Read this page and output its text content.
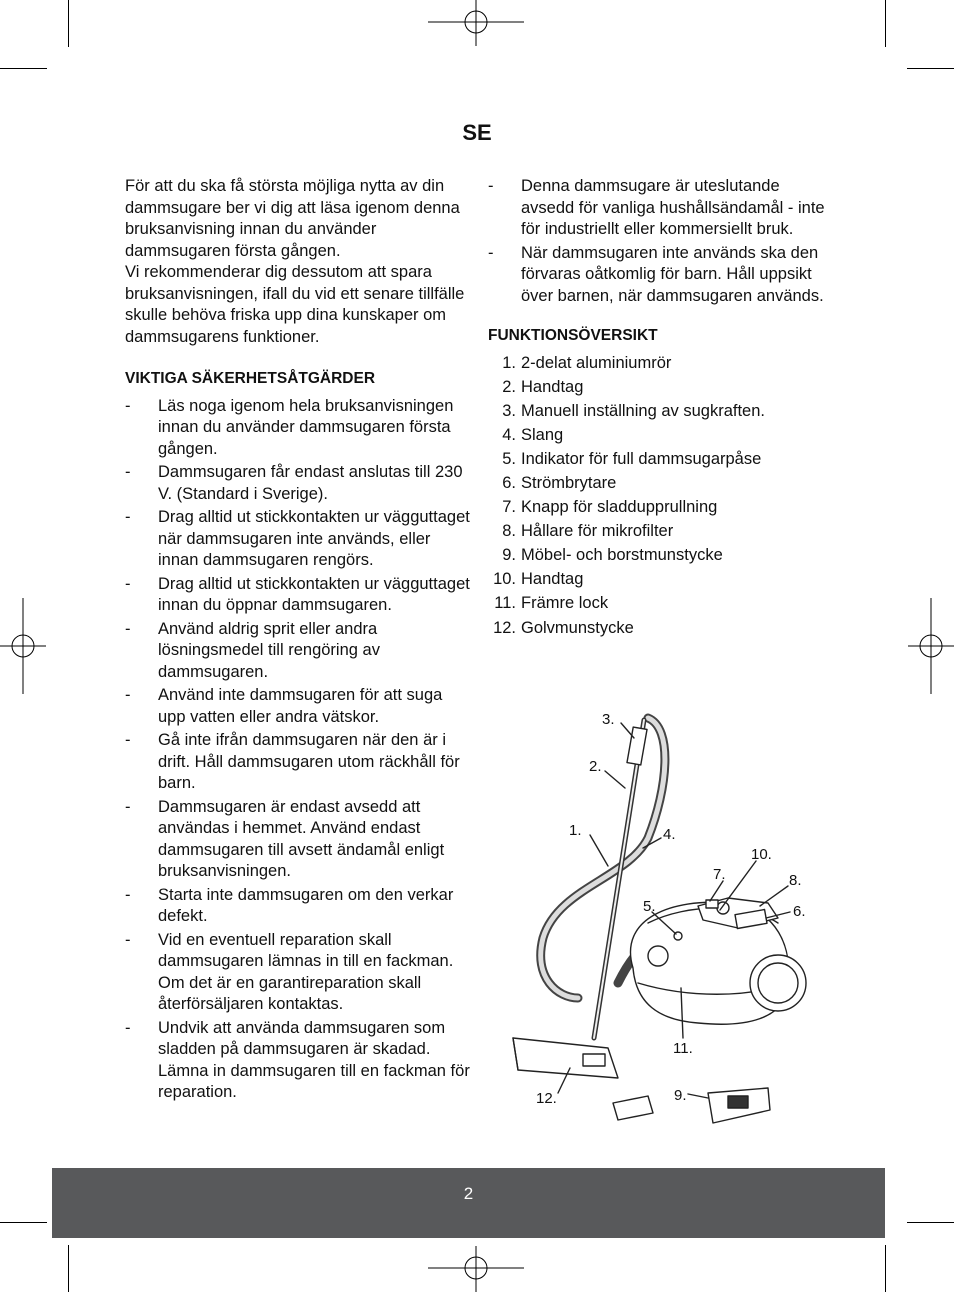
SE

För att du ska få största möjliga nytta av din dammsugare ber vi dig att läsa igenom denna bruksanvisning innan du använder dammsugaren första gången.
Vi rekommenderar dig dessutom att spara bruksanvisningen, ifall du vid ett senare tillfälle skulle behöva friska upp dina kunskaper om dammsugarens funktioner.

VIKTIGA SÄKERHETSÅTGÄRDER
- Läs noga igenom hela bruksanvisningen innan du använder dammsugaren första gången.
- Dammsugaren får endast anslutas till 230 V. (Standard i Sverige).
- Drag alltid ut stickkontakten ur vägguttaget när dammsugaren inte används, eller innan dammsugaren rengörs.
- Drag alltid ut stickkontakten ur vägguttaget innan du öppnar dammsugaren.
- Använd aldrig sprit eller andra lösningsmedel till rengöring av dammsugaren.
- Använd inte dammsugaren för att suga upp vatten eller andra vätskor.
- Gå inte ifrån dammsugaren när den är i drift. Håll dammsugaren utom räckhåll för barn.
- Dammsugaren är endast avsedd att användas i hemmet. Använd endast dammsugaren till avsett ändamål enligt bruksanvisningen.
- Starta inte dammsugaren om den verkar defekt.
- Vid en eventuell reparation skall dammsugaren lämnas in till en fackman. Om det är en garantireparation skall återförsäljaren kontaktas.
- Undvik att använda dammsugaren som sladden på dammsugaren är skadad. Lämna in dammsugaren till en fackman för reparation.
- Denna dammsugare är uteslutande avsedd för vanliga hushållsändamål - inte för industriellt eller kommersiellt bruk.
- När dammsugaren inte används ska den förvaras oåtkomlig för barn. Håll uppsikt över barnen, när dammsugaren används.
FUNKTIONSÖVERSIKT
1. 2-delat aluminiumrör
2. Handtag
3. Manuell inställning av sugkraften.
4. Slang
5. Indikator för full dammsugarpåse
6. Strömbrytare
7. Knapp för sladdupprullning
8. Hållare för mikrofilter
9. Möbel- och borstmunstycke
10. Handtag
11. Främre lock
12. Golvmunstycke
3.
2.
1.	4.
5.	6.
7.	8.
10.
11.
12.	9.
2
